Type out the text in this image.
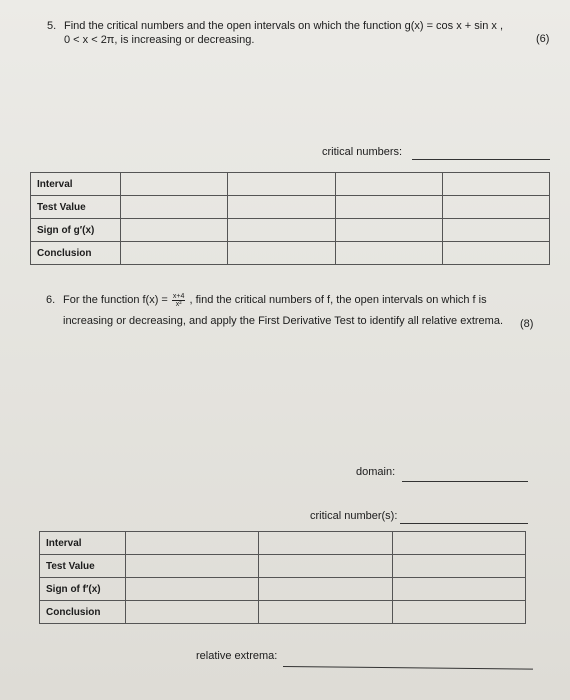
5. Find the critical numbers and the open intervals on which the function g(x) = cos x + sin x ,
0 < x < 2π, is increasing or decreasing.	(6)
critical numbers:
Interval				
Test Value				
Sign of g′(x)				
Conclusion				
6. For the function $f(x) = \frac{x+4}{\text{x²}}$ , find the critical numbers of f, the open intervals on which f is
increasing or decreasing, and apply the First Derivative Test to identify all relative extrema. (8)
domain:
critical number(s):
Interval			
Test Value			
Sign of f′(x)			
Conclusion			
relative extrema:
